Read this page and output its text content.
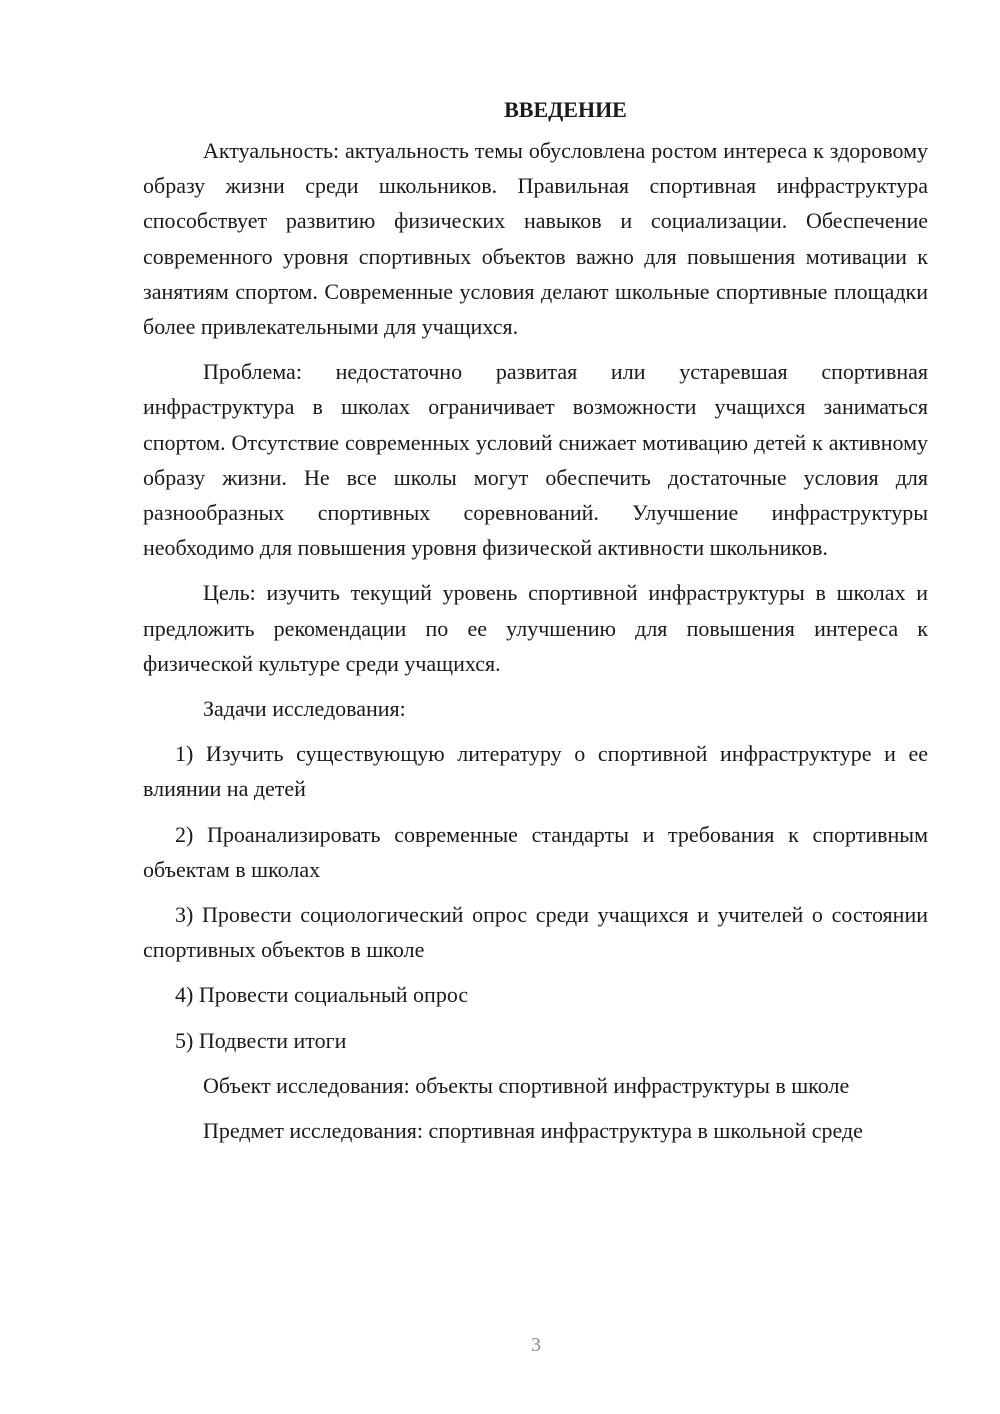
ВВЕДЕНИЕ

Актуальность: актуальность темы обусловлена ростом интереса к здоровому образу жизни среди школьников. Правильная спортивная инфраструктура способствует развитию физических навыков и социализации. Обеспечение современного уровня спортивных объектов важно для повышения мотивации к занятиям спортом. Современные условия делают школьные спортивные площадки более привлекательными для учащихся.

Проблема: недостаточно развитая или устаревшая спортивная инфраструктура в школах ограничивает возможности учащихся заниматься спортом. Отсутствие современных условий снижает мотивацию детей к активному образу жизни. Не все школы могут обеспечить достаточные условия для разнообразных спортивных соревнований. Улучшение инфраструктуры необходимо для повышения уровня физической активности школьников.

Цель: изучить текущий уровень спортивной инфраструктуры в школах и предложить рекомендации по ее улучшению для повышения интереса к физической культуре среди учащихся.

Задачи исследования:

1) Изучить существующую литературу о спортивной инфраструктуре и ее влиянии на детей

2) Проанализировать современные стандарты и требования к спортивным объектам в школах

3) Провести социологический опрос среди учащихся и учителей о состоянии спортивных объектов в школе

4) Провести социальный опрос

5) Подвести итоги

Объект исследования: объекты спортивной инфраструктуры в школе

Предмет исследования: спортивная инфраструктура в школьной среде

3
